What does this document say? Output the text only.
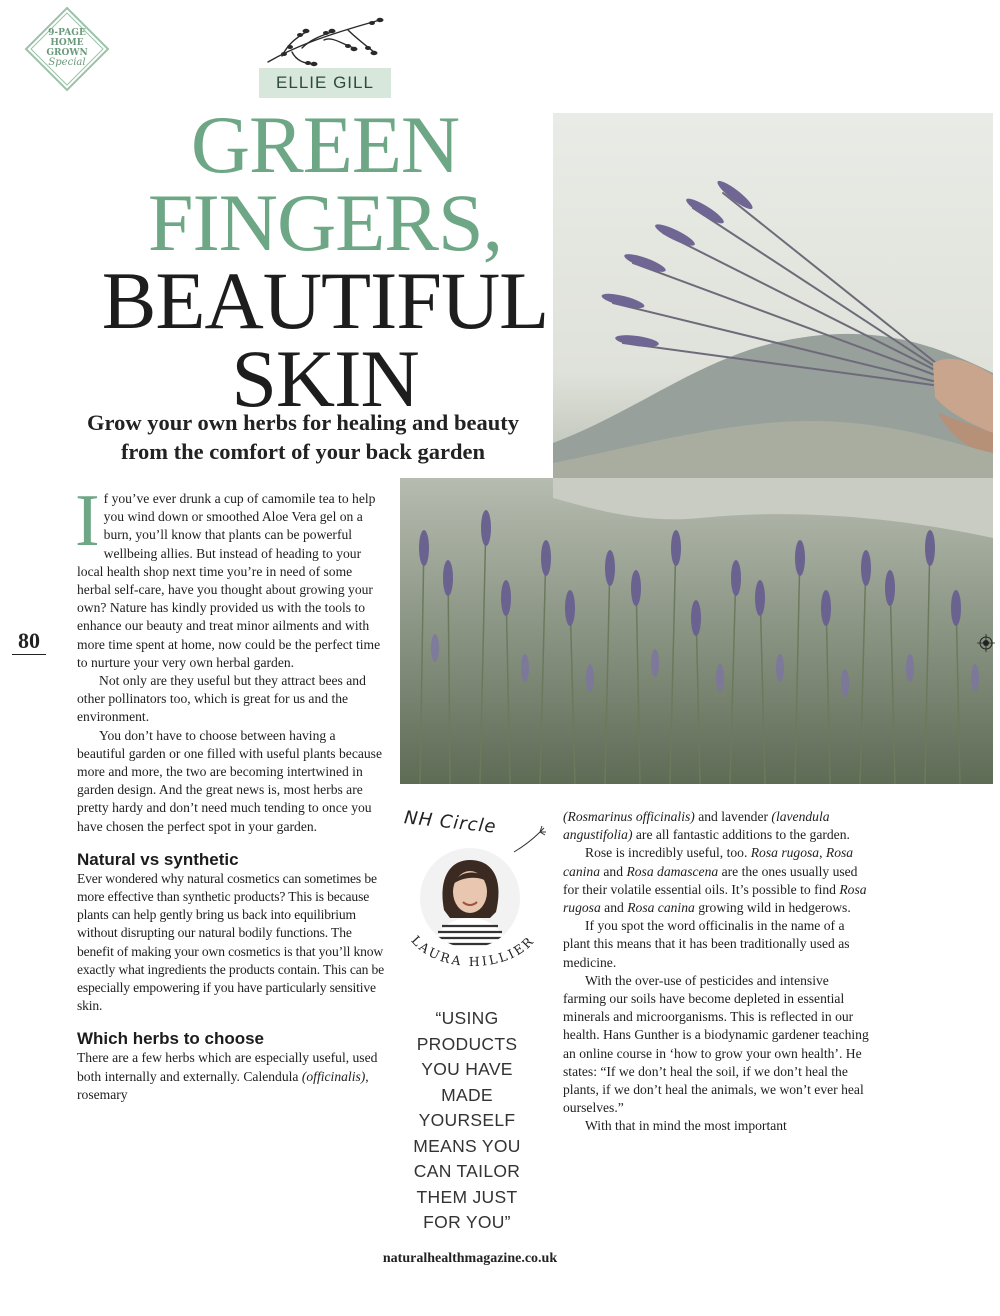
9-PAGE
HOME
GROWN
Special
ELLIE GILL
GREEN
FINGERS,
BEAUTIFUL
SKIN
Grow your own herbs for healing and beauty
from the comfort of your back garden

If you’ve ever drunk a cup of camomile tea to help you wind down or smoothed Aloe Vera gel on a burn, you’ll know that plants can be powerful wellbeing allies. But instead of heading to your local health shop next time you’re in need of some herbal self-care, have you thought about growing your own? Nature has kindly provided us with the tools to enhance our beauty and treat minor ailments and with more time spent at home, now could be the perfect time to nurture your very own herbal garden.

Not only are they useful but they attract bees and other pollinators too, which is great for us and the environment.

You don’t have to choose between having a beautiful garden or one filled with useful plants because more and more, the two are becoming intertwined in garden design. And the great news is, most herbs are pretty hardy and don’t need much tending to once you have chosen the perfect spot in your garden.

Natural vs synthetic

Ever wondered why natural cosmetics can sometimes be more effective than synthetic products? This is because plants can help gently bring us back into equilibrium without disrupting our natural bodily functions. The benefit of making your own cosmetics is that you’ll know exactly what ingredients the products contain. This can be especially empowering if you have particularly sensitive skin.

Which herbs to choose

There are a few herbs which are especially useful, used both internally and externally. Calendula (officinalis), rosemary

80
NH Circle
LAURA HILLIER
“USING PRODUCTS YOU HAVE MADE YOURSELF MEANS YOU CAN TAILOR THEM JUST FOR YOU”

(Rosmarinus officinalis) and lavender (lavendula angustifolia) are all fantastic additions to the garden.

Rose is incredibly useful, too. Rosa rugosa, Rosa canina and Rosa damascena are the ones usually used for their volatile essential oils. It’s possible to find Rosa rugosa and Rosa canina growing wild in hedgerows.

If you spot the word officinalis in the name of a plant this means that it has been traditionally used as medicine.

With the over-use of pesticides and intensive farming our soils have become depleted in essential minerals and microorganisms. This is reflected in our health. Hans Gunther is a biodynamic gardener teaching an online course in ‘how to grow your own health’. He states: “If we don’t heal the soil, if we don’t heal the plants, if we don’t heal the animals, we won’t ever heal ourselves.”

With that in mind the most important

naturalhealthmagazine.co.uk
